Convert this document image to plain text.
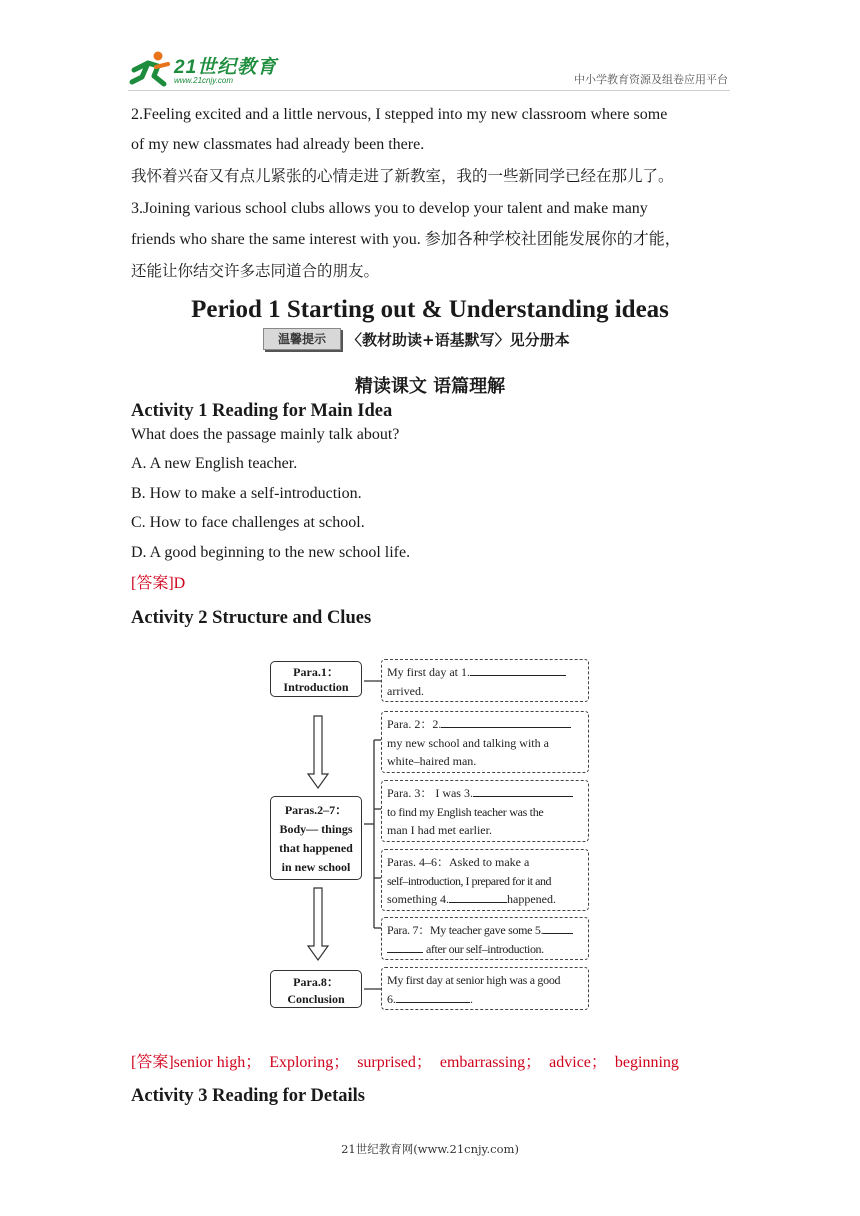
21世纪教育
www.21cnjy.com	中小学教育资源及组卷应用平台
2.Feeling excited and a little nervous, I stepped into my new classroom where some
of my new classmates had already been there.
我怀着兴奋又有点儿紧张的心情走进了新教室，我的一些新同学已经在那儿了。
3.Joining various school clubs allows you to develop your talent and make many
friends who share the same interest with you. 参加各种学校社团能发展你的才能，
还能让你结交许多志同道合的朋友。
Period 1 Starting out & Understanding ideas
温馨提示	〈教材助读+语基默写〉见分册本
精读课文 语篇理解
Activity 1 Reading for Main Idea
What does the passage mainly talk about?
A. A new English teacher.
B. How to make a self-introduction.
C. How to face challenges at school.
D. A good beginning to the new school life.
[答案]D
Activity 2 Structure and Clues
Para.1：
Introduction
Paras.2–7：
Body— things
that happened
in new school
Para.8：
Conclusion
My first day at 1.
arrived.
Para. 2：2.
my new school and talking with a
white–haired man.
Para. 3： I was 3.
to find my English teacher was the
man I had met earlier.
Paras. 4–6：Asked to make a
self–introduction, I prepared for it and
something 4.	happened.
Para. 7：My teacher gave some 5.
after our self–introduction.
My first day at senior high was a good
6.	.
[答案]senior high；  Exploring；  surprised；  embarrassing；  advice；  beginning
Activity 3 Reading for Details
21世纪教育网(www.21cnjy.com)
